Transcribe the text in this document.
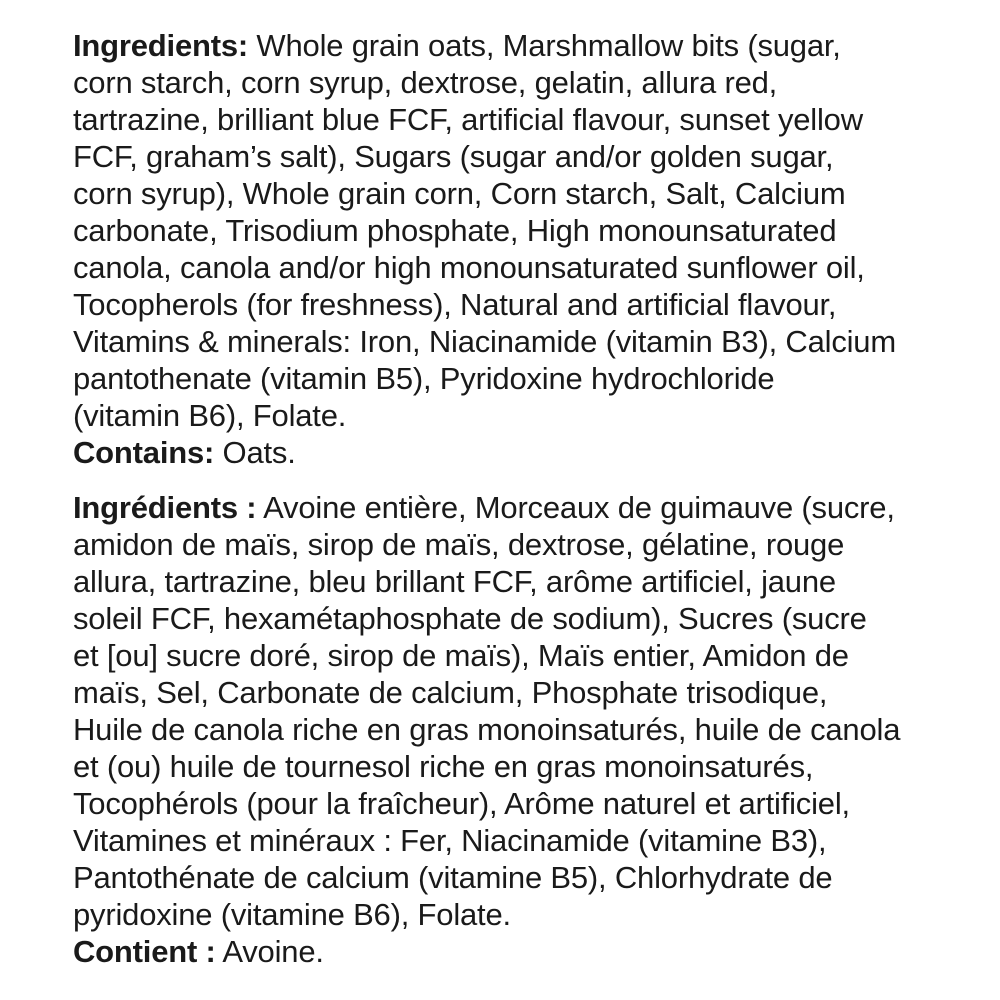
Ingredients: Whole grain oats, Marshmallow bits (sugar,
corn starch, corn syrup, dextrose, gelatin, allura red,
tartrazine, brilliant blue FCF, artificial flavour, sunset yellow
FCF, graham’s salt), Sugars (sugar and/or golden sugar,
corn syrup), Whole grain corn, Corn starch, Salt, Calcium
carbonate, Trisodium phosphate, High monounsaturated
canola, canola and/or high monounsaturated sunflower oil,
Tocopherols (for freshness), Natural and artificial flavour,
Vitamins & minerals: Iron, Niacinamide (vitamin B3), Calcium
pantothenate (vitamin B5), Pyridoxine hydrochloride
(vitamin B6), Folate.
Contains: Oats.
Ingrédients : Avoine entière, Morceaux de guimauve (sucre,
amidon de maïs, sirop de maïs, dextrose, gélatine, rouge
allura, tartrazine, bleu brillant FCF, arôme artificiel, jaune
soleil FCF, hexamétaphosphate de sodium), Sucres (sucre
et [ou] sucre doré, sirop de maïs), Maïs entier, Amidon de
maïs, Sel, Carbonate de calcium, Phosphate trisodique,
Huile de canola riche en gras monoinsaturés, huile de canola
et (ou) huile de tournesol riche en gras monoinsaturés,
Tocophérols (pour la fraîcheur), Arôme naturel et artificiel,
Vitamines et minéraux : Fer, Niacinamide (vitamine B3),
Pantothénate de calcium (vitamine B5), Chlorhydrate de
pyridoxine (vitamine B6), Folate.
Contient : Avoine.
